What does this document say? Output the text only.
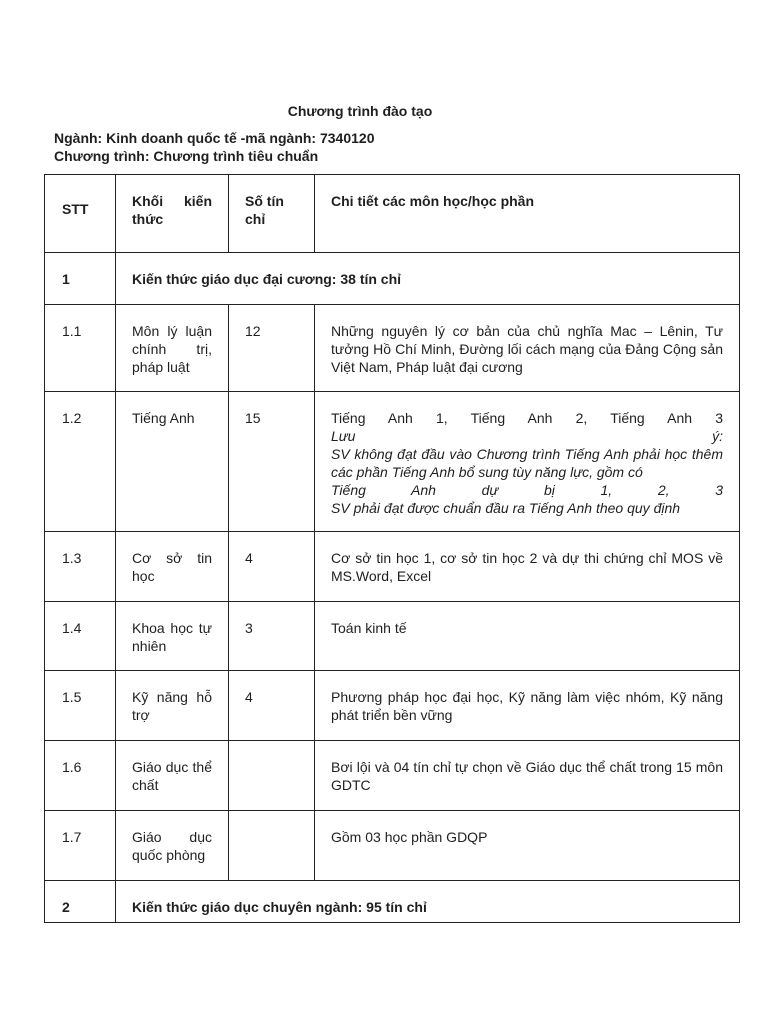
Chương trình đào tạo
Ngành: Kinh doanh quốc tế -mã ngành: 7340120
Chương trình: Chương trình tiêu chuẩn
STT	Khối kiến thức	Số tín chỉ	Chi tiết các môn học/học phần

1	Kiến thức giáo dục đại cương: 38 tín chỉ		

1.1	Môn lý luận chính trị, pháp luật	12	Những nguyên lý cơ bản của chủ nghĩa Mac – Lênin, Tư tưởng Hồ Chí Minh, Đường lối cách mạng của Đảng Cộng sản Việt Nam, Pháp luật đại cương

1.2	Tiếng Anh	15	Tiếng Anh 1, Tiếng Anh 2, Tiếng Anh 3
Lưu ý:
SV không đạt đầu vào Chương trình Tiếng Anh phải học thêm các phần Tiếng Anh bổ sung tùy năng lực, gồm có
Tiếng Anh dự bị 1, 2, 3
SV phải đạt được chuẩn đầu ra Tiếng Anh theo quy định

1.3	Cơ sở tin học	4	Cơ sở tin học 1, cơ sở tin học 2 và dự thi chứng chỉ MOS về MS.Word, Excel

1.4	Khoa học tự nhiên	3	Toán kinh tế

1.5	Kỹ năng hỗ trợ	4	Phương pháp học đại học, Kỹ năng làm việc nhóm, Kỹ năng phát triển bền vững

1.6	Giáo dục thể chất		Bơi lội và 04 tín chỉ tự chọn về Giáo dục thể chất trong 15 môn GDTC

1.7	Giáo dục quốc phòng		Gồm 03 học phần GDQP

2	Kiến thức giáo dục chuyên ngành: 95 tín chỉ		
